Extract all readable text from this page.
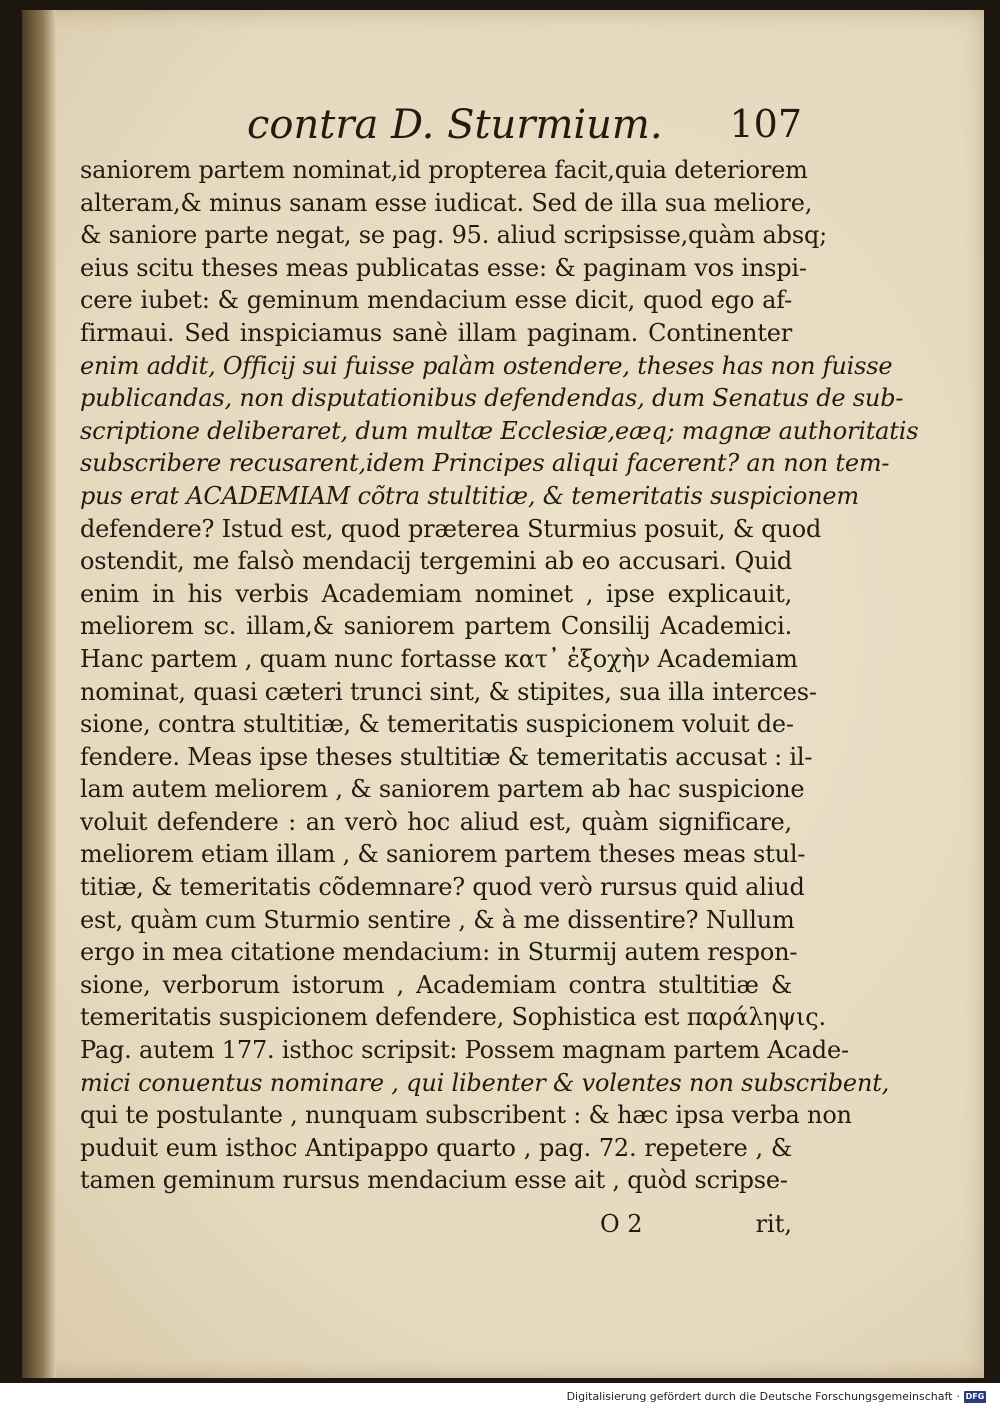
contra D. Sturmium. 107
saniorem partem nominat,id propterea facit,quia deteriorem
alteram,& minus sanam esse iudicat. Sed de illa sua meliore,
& saniore parte negat, se pag. 95. aliud scripsisse,quàm absq;
eius scitu theses meas publicatas esse: & paginam vos inspi-
cere iubet: & geminum mendacium esse dicit, quod ego af-
firmaui. Sed inspiciamus sanè illam paginam. Continenter
enim addit, Officij sui fuisse palàm ostendere, theses has non fuisse
publicandas, non disputationibus defendendas, dum Senatus de sub-
scriptione deliberaret, dum multæ Ecclesiæ,eæq; magnæ authoritatis
subscribere recusarent,idem Principes aliqui facerent? an non tem-
pus erat ACADEMIAM cõtra stultitiæ, & temeritatis suspicionem
defendere? Istud est, quod præterea Sturmius posuit, & quod
ostendit, me falsò mendacij tergemini ab eo accusari. Quid
enim in his verbis Academiam nominet , ipse explicauit,
meliorem sc. illam,& saniorem partem Consilij Academici.
Hanc partem , quam nunc fortasse κατ᾽ ἐξοχὴν Academiam
nominat, quasi cæteri trunci sint, & stipites, sua illa interces-
sione, contra stultitiæ, & temeritatis suspicionem voluit de-
fendere. Meas ipse theses stultitiæ & temeritatis accusat : il-
lam autem meliorem , & saniorem partem ab hac suspicione
voluit defendere : an verò hoc aliud est, quàm significare,
meliorem etiam illam , & saniorem partem theses meas stul-
titiæ, & temeritatis cõdemnare? quod verò rursus quid aliud
est, quàm cum Sturmio sentire , & à me dissentire? Nullum
ergo in mea citatione mendacium: in Sturmij autem respon-
sione, verborum istorum , Academiam contra stultitiæ &
temeritatis suspicionem defendere, Sophistica est παράληψις.
Pag. autem 177. isthoc scripsit: Possem magnam partem Acade-
mici conuentus nominare , qui libenter & volentes non subscribent,
qui te postulante , nunquam subscribent : & hæc ipsa verba non
puduit eum isthoc Antipappo quarto , pag. 72. repetere , &
tamen geminum rursus mendacium esse ait , quòd scripse-
O 2	rit,
Digitalisierung gefördert durch die Deutsche Forschungsgemeinschaft · DFG
